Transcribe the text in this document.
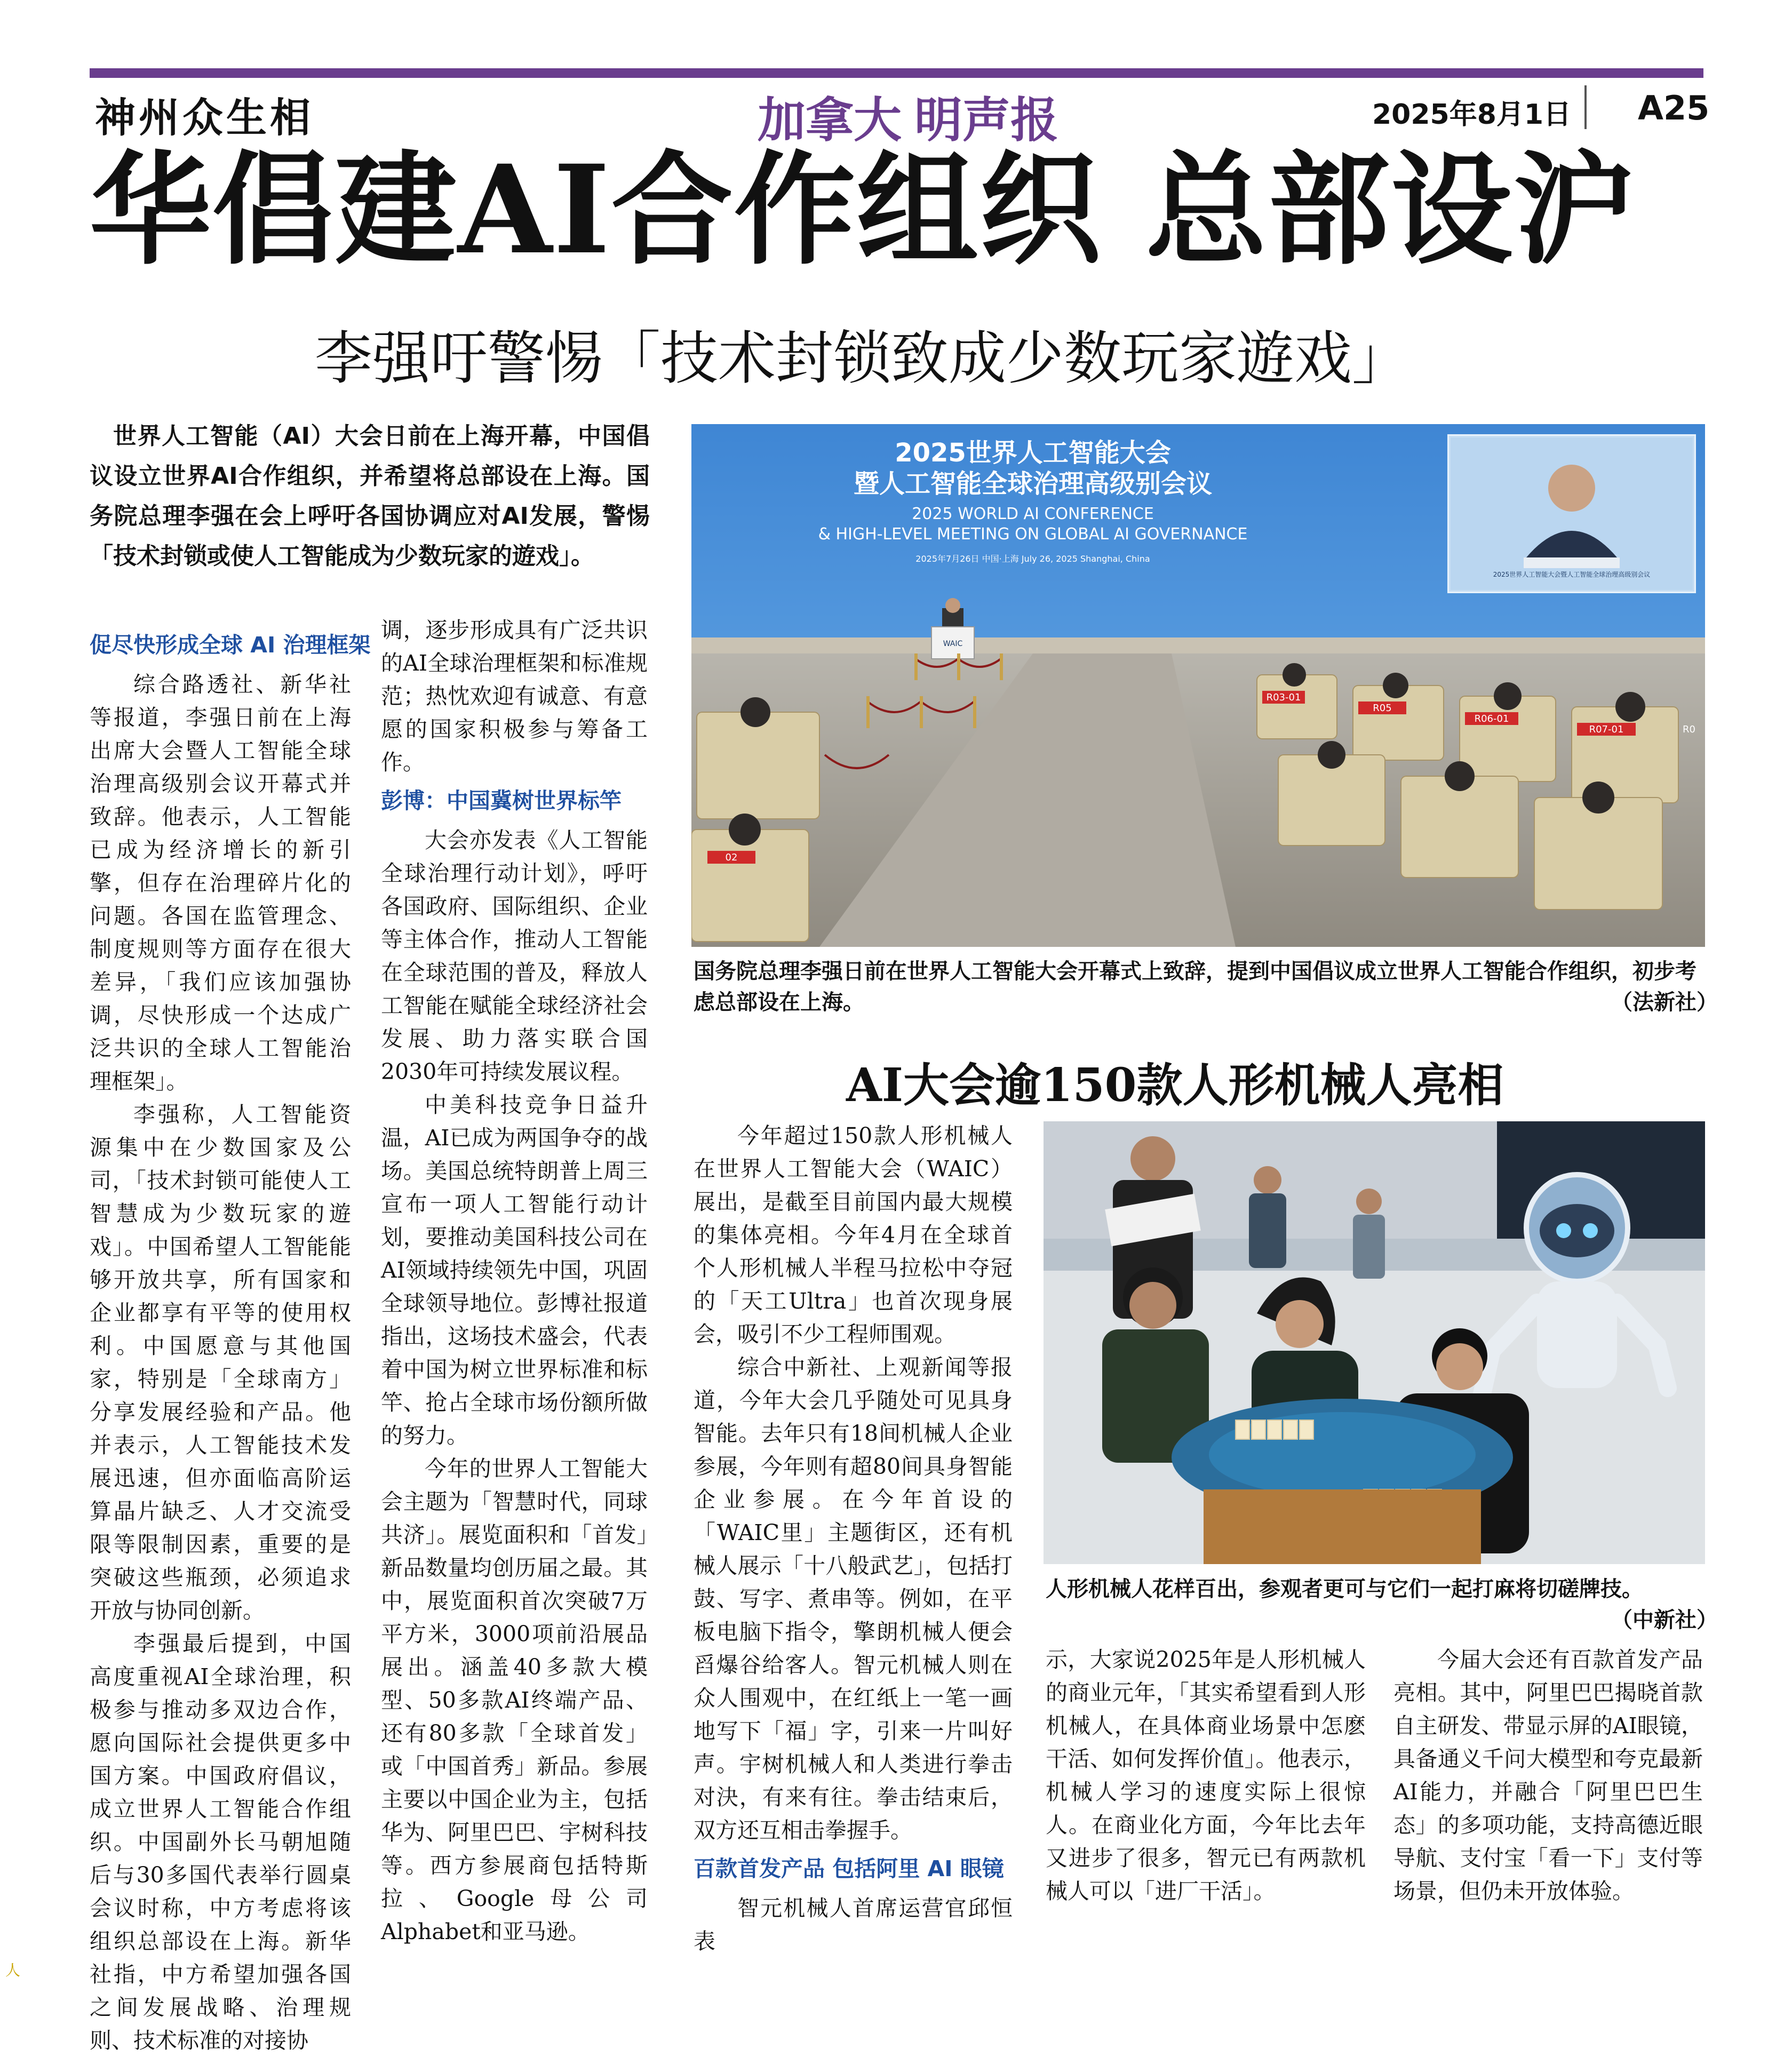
神州众生相	加拿大 明声报	2025年8月1日 A25
华倡建AI合作组织 总部设沪
李强吁警惕「技术封锁致成少数玩家遊戏」

世界人工智能（AI）大会日前在上海开幕，中国倡议设立世界AI合作组织，并希望将总部设在上海。国务院总理李强在会上呼吁各国协调应对AI发展，警惕「技术封锁或使人工智能成为少数玩家的遊戏」。

促尽快形成全球 AI 治理框架

综合路透社、新华社等报道，李强日前在上海出席大会暨人工智能全球治理高级别会议开幕式并致辞。他表示，人工智能已成为经济增长的新引擎，但存在治理碎片化的问题。各国在监管理念、制度规则等方面存在很大差异，「我们应该加强协调，尽快形成一个达成广泛共识的全球人工智能治理框架」。

李强称，人工智能资源集中在少数国家及公司，「技术封锁可能使人工智慧成为少数玩家的遊戏」。中国希望人工智能能够开放共享，所有国家和企业都享有平等的使用权利。中国愿意与其他国家，特别是「全球南方」分享发展经验和产品。他并表示，人工智能技术发展迅速，但亦面临高阶运算晶片缺乏、人才交流受限等限制因素，重要的是突破这些瓶颈，必须追求开放与协同创新。

李强最后提到，中国高度重视AI全球治理，积极参与推动多双边合作，愿向国际社会提供更多中国方案。中国政府倡议，成立世界人工智能合作组织。中国副外长马朝旭随后与30多国代表举行圆桌会议时称，中方考虑将该组织总部设在上海。新华社指，中方希望加强各国之间发展战略、治理规则、技术标准的对接协

调，逐步形成具有广泛共识的AI全球治理框架和标准规范；热忱欢迎有诚意、有意愿的国家积极参与筹备工作。

彭博：中国冀树世界标竿

大会亦发表《人工智能全球治理行动计划》，呼吁各国政府、国际组织、企业等主体合作，推动人工智能在全球范围的普及，释放人工智能在赋能全球经济社会发展、助力落实联合国2030年可持续发展议程。

中美科技竞争日益升温，AI已成为两国争夺的战场。美国总统特朗普上周三宣布一项人工智能行动计划，要推动美国科技公司在AI领域持续领先中国，巩固全球领导地位。彭博社报道指出，这场技术盛会，代表着中国为树立世界标准和标竿、抢占全球市场份额所做的努力。

今年的世界人工智能大会主题为「智慧时代，同球共济」。展览面积和「首发」新品数量均创历届之最。其中，展览面积首次突破7万平方米，3000项前沿展品展出。涵盖40多款大模型、50多款AI终端产品、还有80多款「全球首发」或「中国首秀」新品。参展主要以中国企业为主，包括华为、阿里巴巴、宇树科技等。西方参展商包括特斯拉、Google母公司Alphabet和亚马逊。

2025世界人工智能大会暨人工智能全球治理高级别会议
2025世界人工智能大会
暨人工智能全球治理高级别会议
2025 WORLD AI CONFERENCE
& HIGH-LEVEL MEETING ON GLOBAL AI GOVERNANCE
2025年7月26日 中国·上海 July 26, 2025 Shanghai, China
WAIC
R03-01
R05
R06-01
R07-01	R0
02
国务院总理李强日前在世界人工智能大会开幕式上致辞，提到中国倡议成立世界人工智能合作组织，初步考虑总部设在上海。	（法新社）
AI大会逾150款人形机械人亮相

今年超过150款人形机械人在世界人工智能大会（WAIC）展出，是截至目前国内最大规模的集体亮相。今年4月在全球首个人形机械人半程马拉松中夺冠的「天工Ultra」也首次现身展会，吸引不少工程师围观。

综合中新社、上观新闻等报道，今年大会几乎随处可见具身智能。去年只有18间机械人企业参展，今年则有超80间具身智能企业参展。在今年首设的「WAIC里」主题街区，还有机械人展示「十八般武艺」，包括打鼓、写字、煮串等。例如，在平板电脑下指令，擎朗机械人便会舀爆谷给客人。智元机械人则在众人围观中，在红纸上一笔一画地写下「福」字，引来一片叫好声。宇树机械人和人类进行拳击对決，有来有往。拳击结束后，双方还互相击拳握手。

百款首发产品 包括阿里 AI 眼镜

智元机械人首席运营官邱恒表

人形机械人花样百出，参观者更可与它们一起打麻将切磋牌技。
（中新社）

示，大家说2025年是人形机械人的商业元年，「其实希望看到人形机械人，在具体商业场景中怎麽干活、如何发挥价值」。他表示，机械人学习的速度实际上很惊人。在商业化方面，今年比去年又进步了很多，智元已有两款机械人可以「进厂干活」。

今届大会还有百款首发产品亮相。其中，阿里巴巴揭晓首款自主研发、带显示屏的AI眼镜，具备通义千问大模型和夸克最新AI能力，并融合「阿里巴巴生态」的多项功能，支持高德近眼导航、支付宝「看一下」支付等场景，但仍未开放体验。

人
